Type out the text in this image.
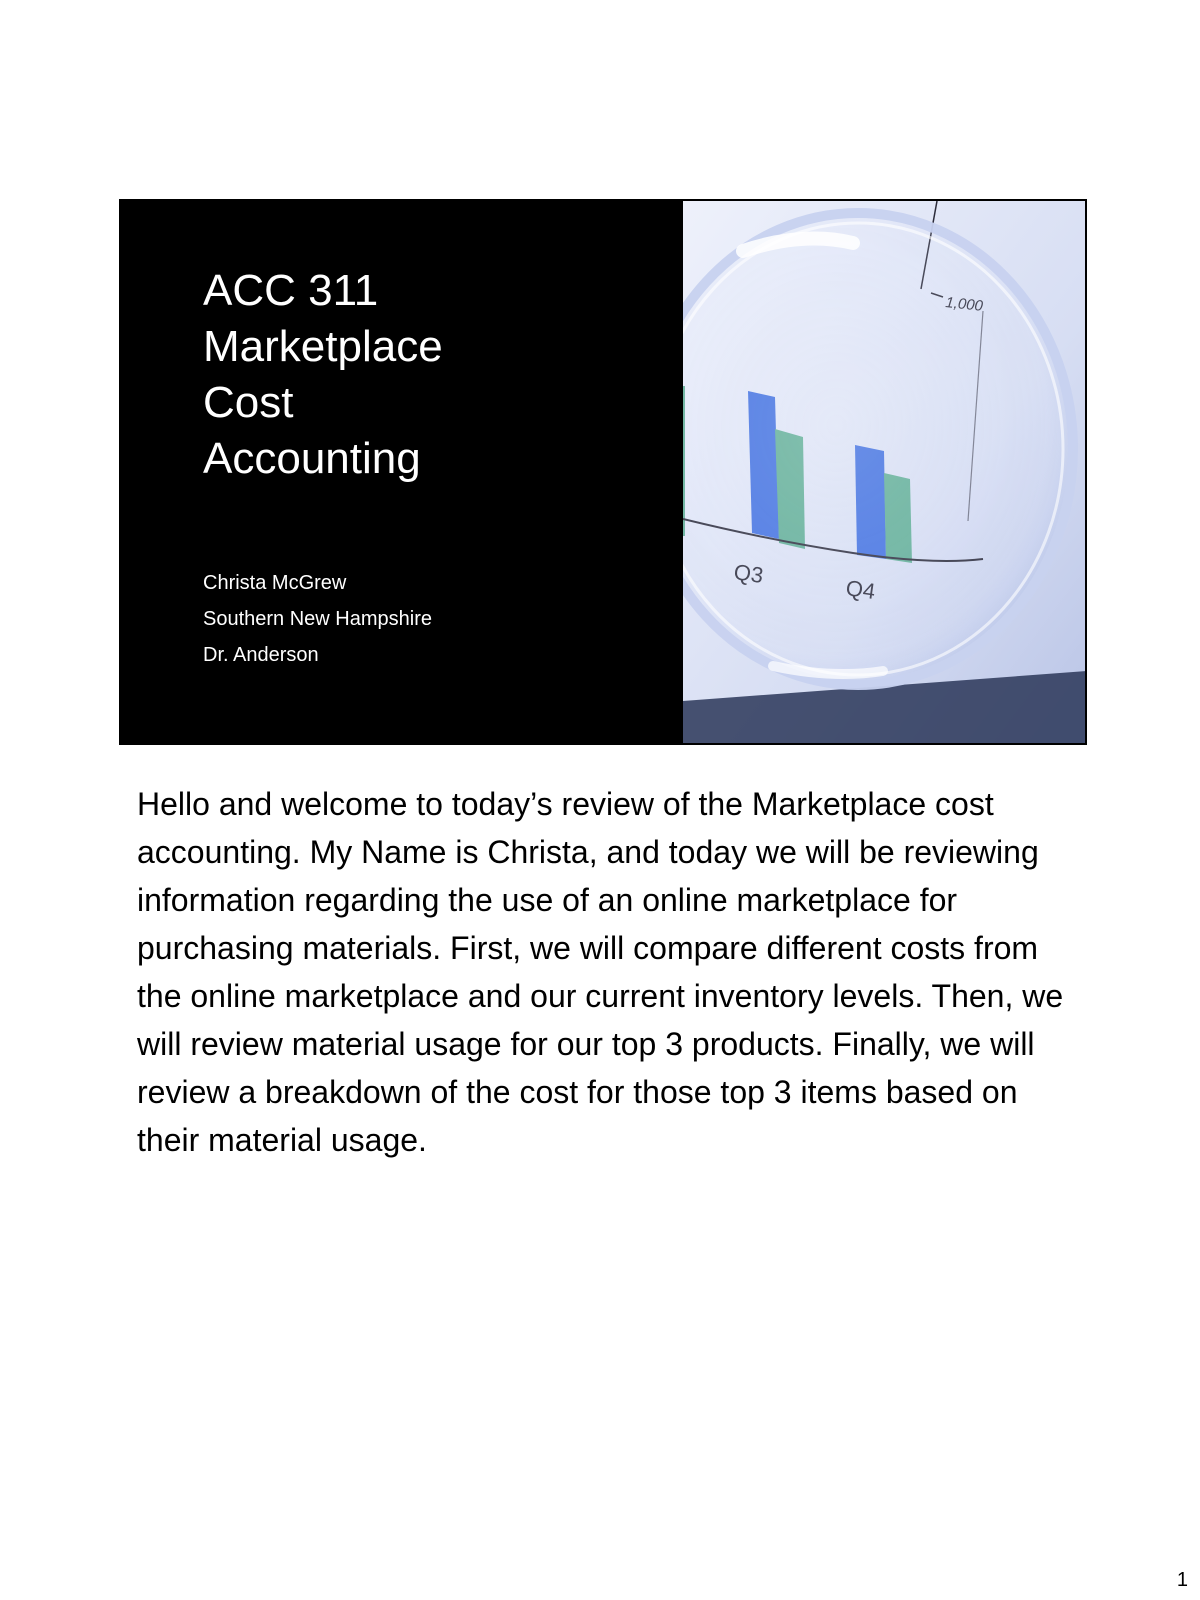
ACC 311
Marketplace
Cost
Accounting
Christa McGrew
Southern New Hampshire
Dr. Anderson

Hello and welcome to today’s review of the Marketplace cost accounting. My Name is Christa, and today we will be reviewing information regarding the use of an online marketplace for purchasing materials. First, we will compare different costs from the online marketplace and our current inventory levels. Then, we will review material usage for our top 3 products. Finally, we will review a breakdown of the cost for those top 3 items based on their material usage.

1
